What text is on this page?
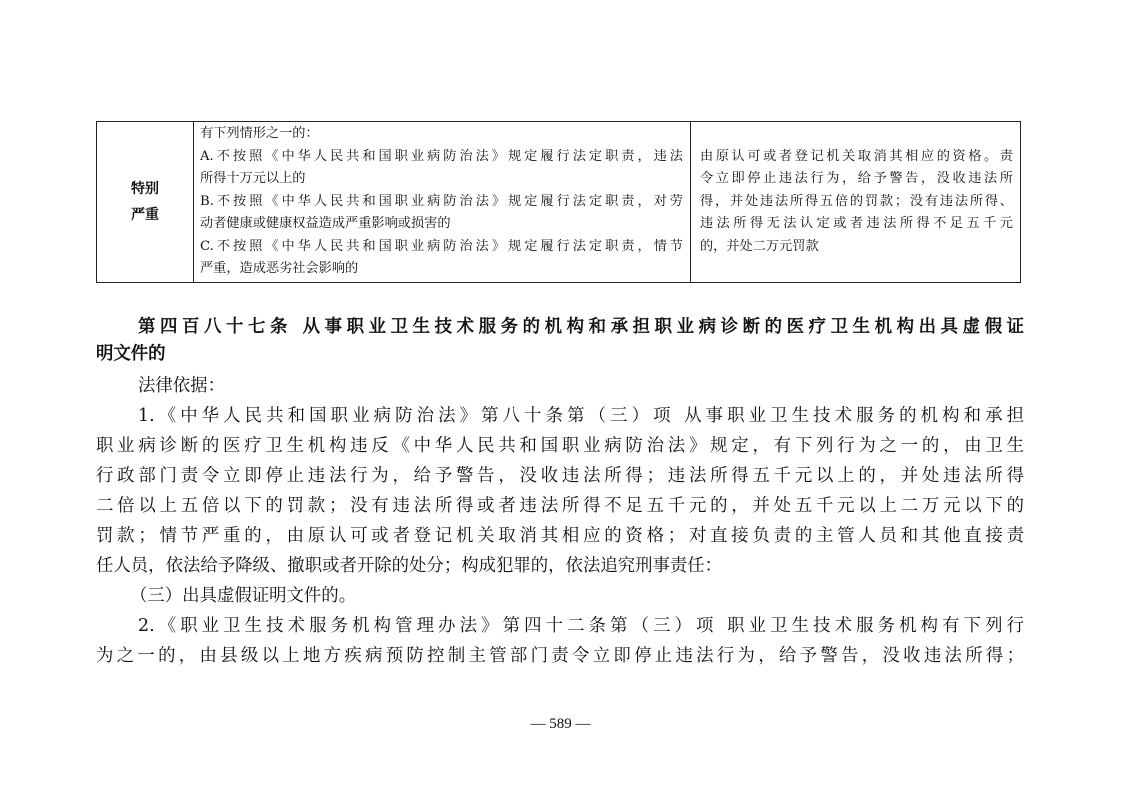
特别
严重
有下列情形之一的：
A.不按照《中华人民共和国职业病防治法》规定履行法定职责，违法
所得十万元以上的
B.不按照《中华人民共和国职业病防治法》规定履行法定职责，对劳
动者健康或健康权益造成严重影响或损害的
C.不按照《中华人民共和国职业病防治法》规定履行法定职责，情节
严重，造成恶劣社会影响的
由原认可或者登记机关取消其相应的资格。责
令立即停止违法行为，给予警告，没收违法所
得，并处违法所得五倍的罚款；没有违法所得、
违法所得无法认定或者违法所得不足五千元
的，并处二万元罚款
第四百八十七条 从事职业卫生技术服务的机构和承担职业病诊断的医疗卫生机构出具虚假证
明文件的
法律依据：
1.《中华人民共和国职业病防治法》第八十条第（三）项 从事职业卫生技术服务的机构和承担
职业病诊断的医疗卫生机构违反《中华人民共和国职业病防治法》规定，有下列行为之一的，由卫生
行政部门责令立即停止违法行为，给予警告，没收违法所得；违法所得五千元以上的，并处违法所得
二倍以上五倍以下的罚款；没有违法所得或者违法所得不足五千元的，并处五千元以上二万元以下的
罚款；情节严重的，由原认可或者登记机关取消其相应的资格；对直接负责的主管人员和其他直接责
任人员，依法给予降级、撤职或者开除的处分；构成犯罪的，依法追究刑事责任：
（三）出具虚假证明文件的。
2.《职业卫生技术服务机构管理办法》第四十二条第（三）项 职业卫生技术服务机构有下列行
为之一的，由县级以上地方疾病预防控制主管部门责令立即停止违法行为，给予警告，没收违法所得；
— 589 —
